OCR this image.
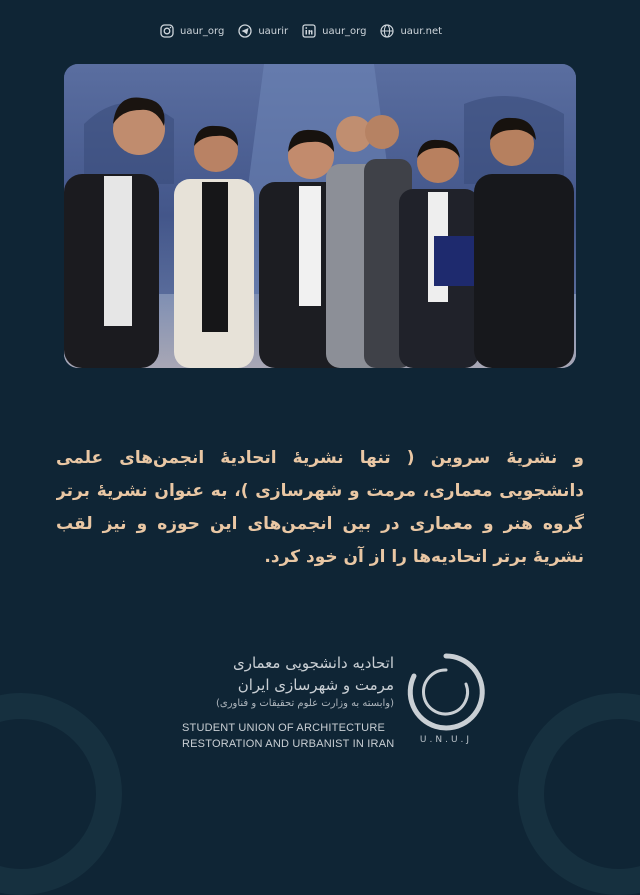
uaur_org	uaurir	uaur_org	uaur.net
و نشریهٔ سروین ( تنها نشریهٔ اتحادیهٔ انجمن‌های علمی دانشجویی معماری، مرمت و شهرسازی )، به عنوان نشریهٔ برتر گروه هنر و معماری در بین انجمن‌های این حوزه و نیز لقب نشریهٔ برتر اتحادیه‌ها را از آن خود کرد.
U.N.U.J
اتحادیه دانشجویی معماری
مرمت و شهرسازی ایران
(وابسته به وزارت علوم تحقیقات و فناوری)
STUDENT UNION OF ARCHITECTURE
RESTORATION AND URBANIST IN IRAN
